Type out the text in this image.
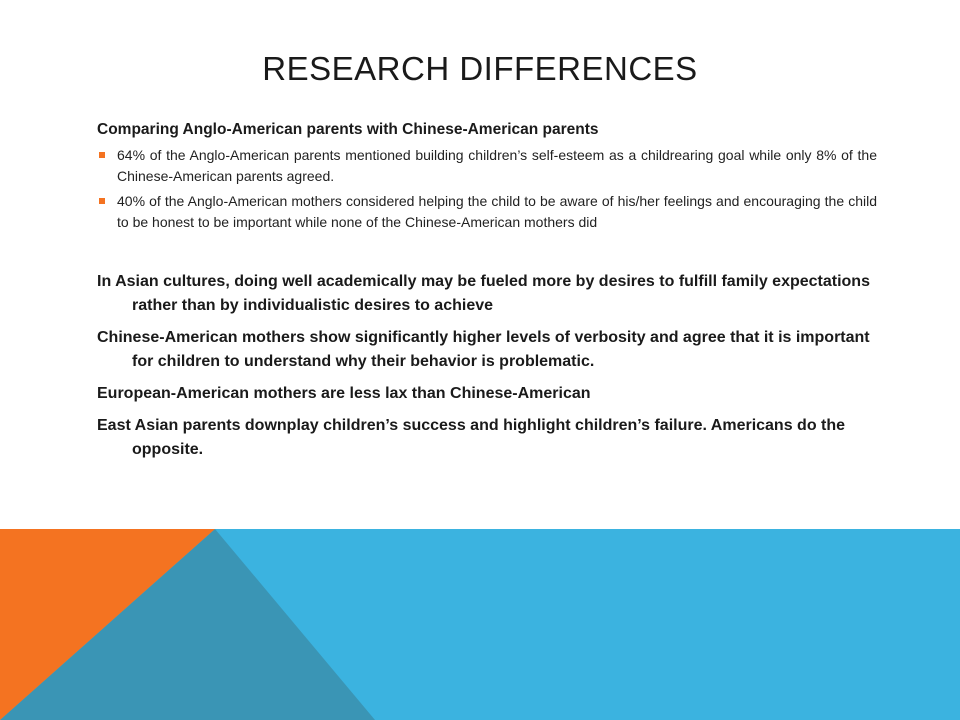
RESEARCH DIFFERENCES
Comparing Anglo-American parents with Chinese-American parents
64% of the Anglo-American parents mentioned building children’s self-esteem as a childrearing goal while only 8% of the Chinese-American parents agreed.
40% of the Anglo-American mothers considered helping the child to be aware of his/her feelings and encouraging the child to be honest to be important while none of the Chinese-American mothers did
In Asian cultures, doing well academically may be fueled more by desires to fulfill family expectations rather than by individualistic desires to achieve
Chinese-American mothers show significantly higher levels of verbosity and agree that it is important for children to understand why their behavior is problematic.
European-American mothers are less lax than Chinese-American
East Asian parents downplay children’s success and highlight children’s failure. Americans do the opposite.
